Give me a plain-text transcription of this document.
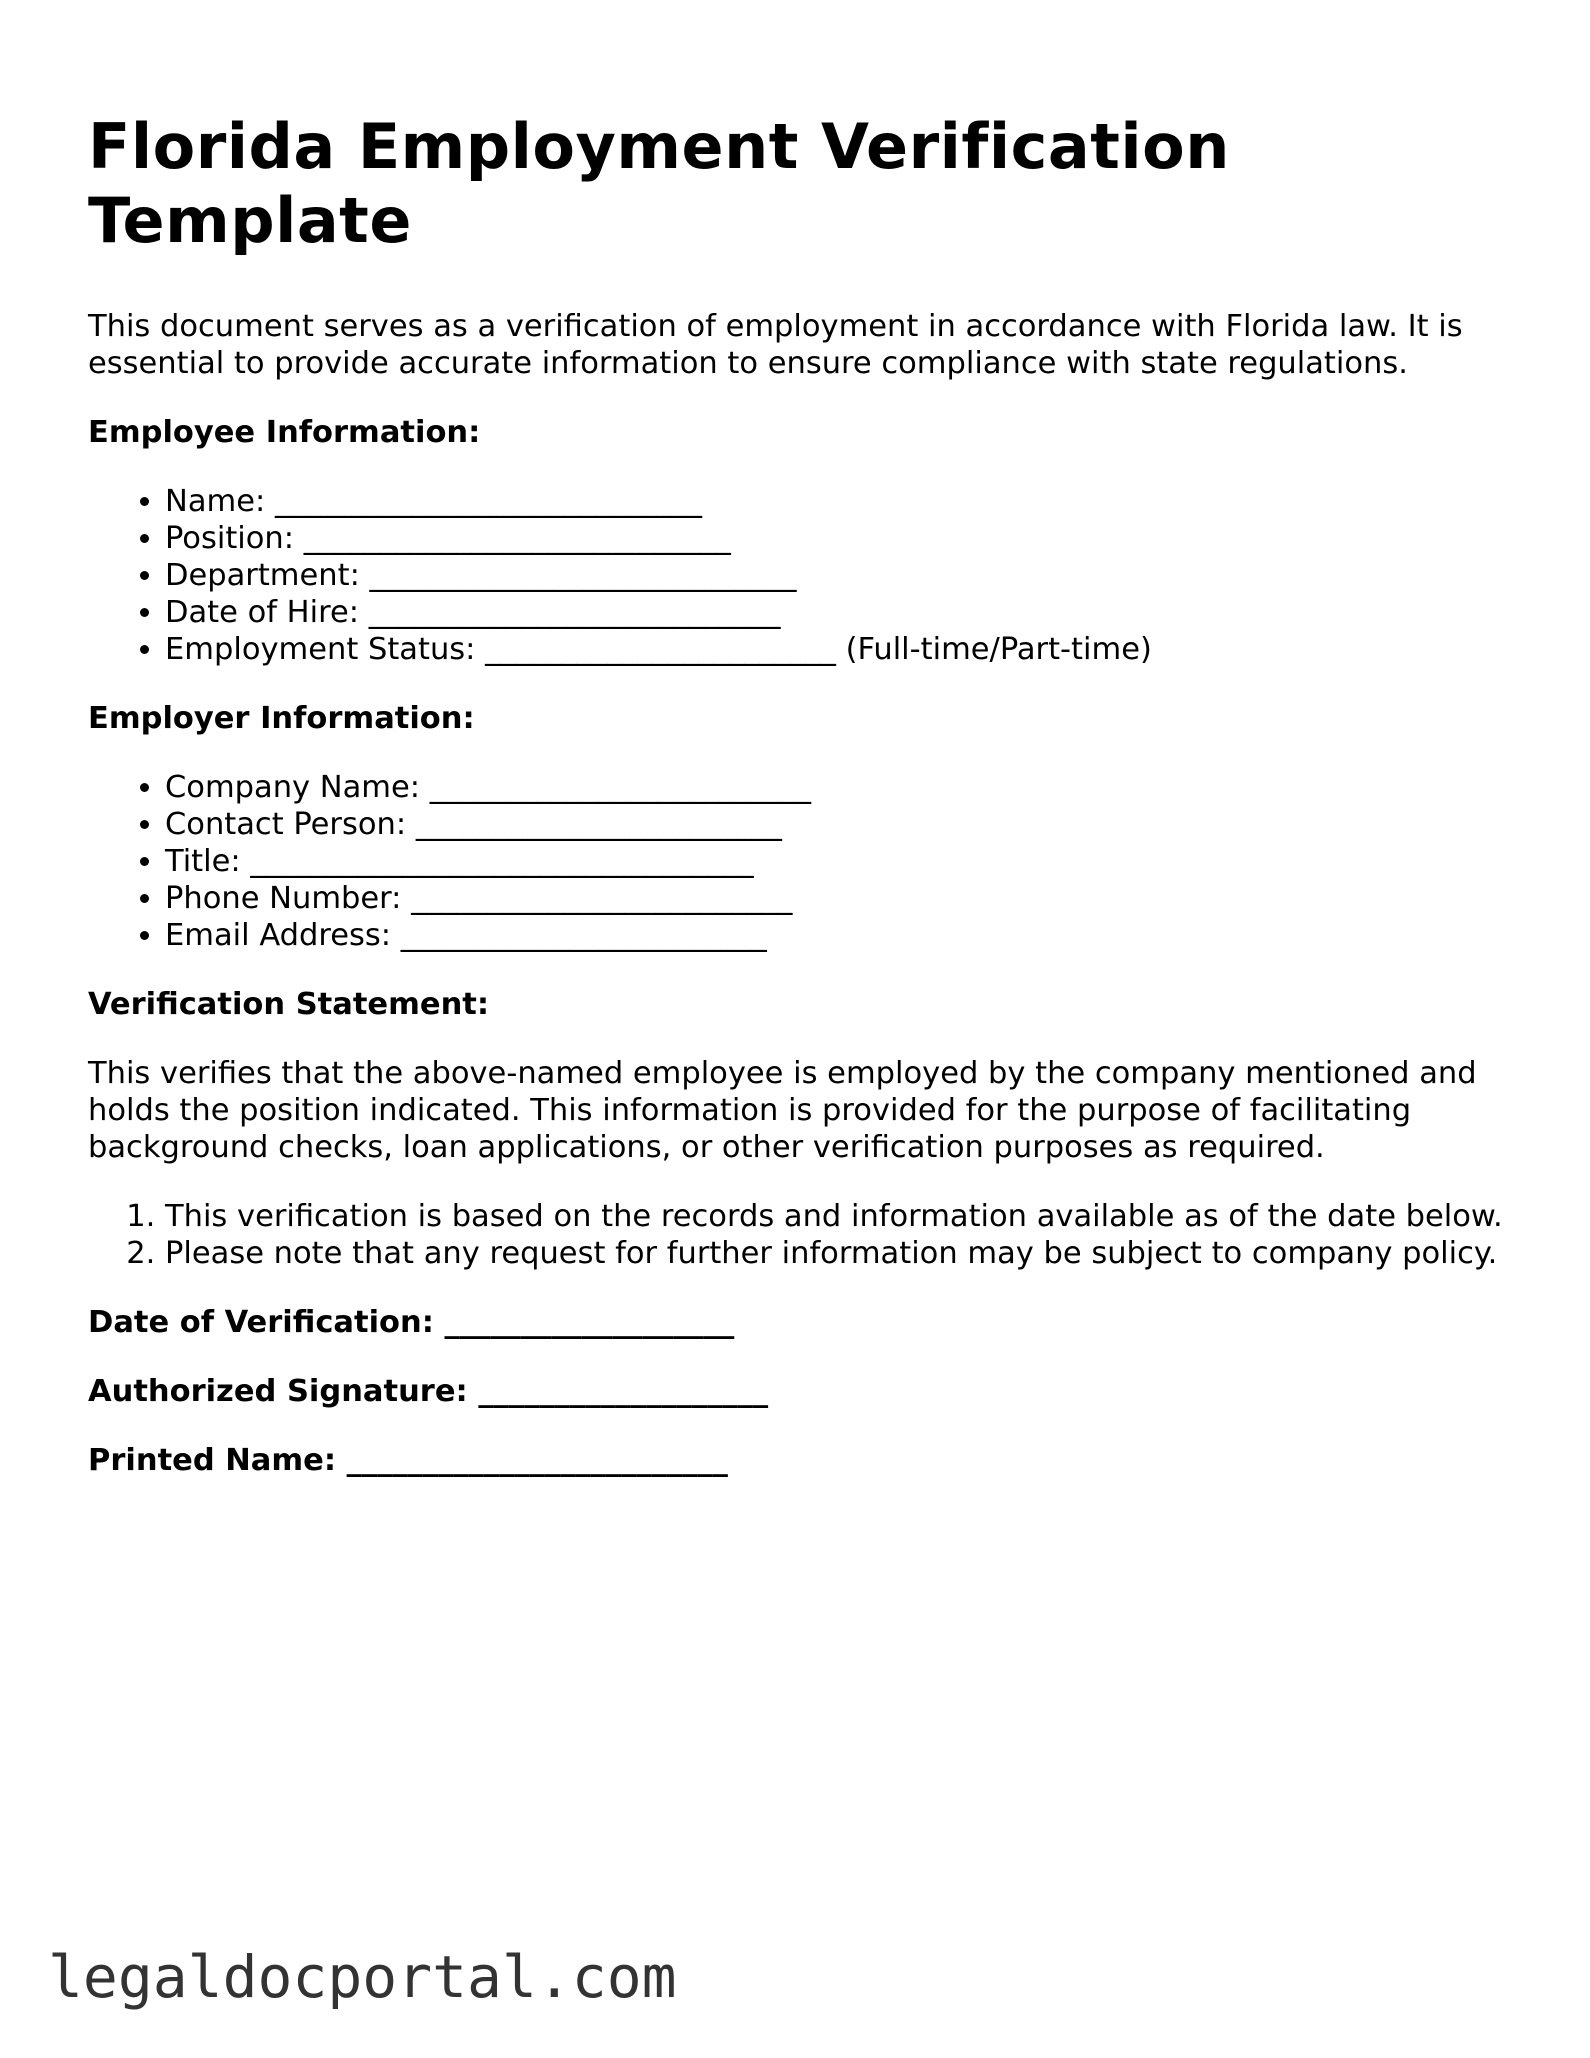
Florida Employment Verification Template

This document serves as a verification of employment in accordance with Florida law. It is essential to provide accurate information to ensure compliance with state regulations.

Employee Information:
• Name: ____________________________
• Position: ____________________________
• Department: ____________________________
• Date of Hire: ___________________________
• Employment Status: _______________________ (Full-time/Part-time)
Employer Information:
• Company Name: _________________________
• Contact Person: ________________________
• Title: _________________________________
• Phone Number: _________________________
• Email Address: ________________________
Verification Statement:

This verifies that the above-named employee is employed by the company mentioned and holds the position indicated. This information is provided for the purpose of facilitating background checks, loan applications, or other verification purposes as required.

1. This verification is based on the records and information available as of the date below.
2. Please note that any request for further information may be subject to company policy.
Date of Verification: ___________________
Authorized Signature: ___________________
Printed Name: _________________________
legaldocportal.com
